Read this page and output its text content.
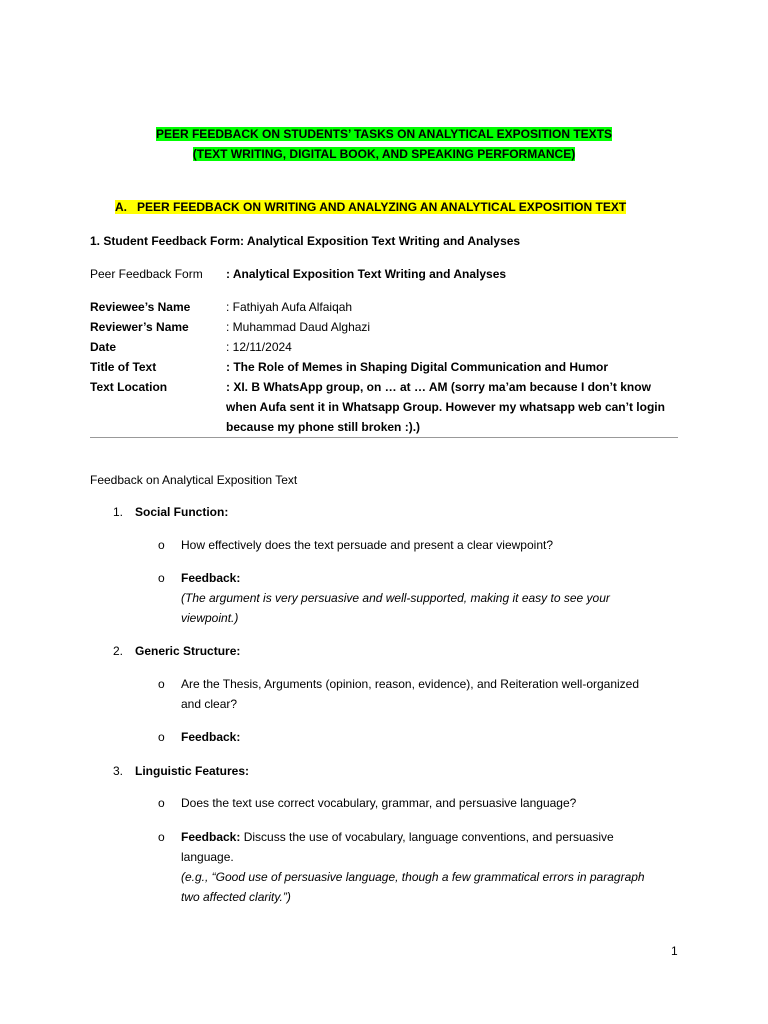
PEER FEEDBACK ON STUDENTS’ TASKS ON ANALYTICAL EXPOSITION TEXTS
(TEXT WRITING, DIGITAL BOOK, AND SPEAKING PERFORMANCE)
A. PEER FEEDBACK ON WRITING AND ANALYZING AN ANALYTICAL EXPOSITION TEXT
1. Student Feedback Form: Analytical Exposition Text Writing and Analyses
Peer Feedback Form : Analytical Exposition Text Writing and Analyses
Reviewee’s Name	: Fathiyah Aufa Alfaiqah
Reviewer’s Name	: Muhammad Daud Alghazi
Date	: 12/11/2024
Title of Text	: The Role of Memes in Shaping Digital Communication and Humor
Text Location	: XI. B WhatsApp group, on … at … AM (sorry ma’am because I don’t know
when Aufa sent it in Whatsapp Group. However my whatsapp web can’t login
because my phone still broken :).)
Feedback on Analytical Exposition Text
1. Social Function:
o How effectively does the text persuade and present a clear viewpoint?
o Feedback:
(The argument is very persuasive and well-supported, making it easy to see your
viewpoint.)
2. Generic Structure:
o Are the Thesis, Arguments (opinion, reason, evidence), and Reiteration well-organized
and clear?
o Feedback:
3. Linguistic Features:
o Does the text use correct vocabulary, grammar, and persuasive language?
o Feedback: Discuss the use of vocabulary, language conventions, and persuasive
language.
(e.g., “Good use of persuasive language, though a few grammatical errors in paragraph
two affected clarity.”)
1
